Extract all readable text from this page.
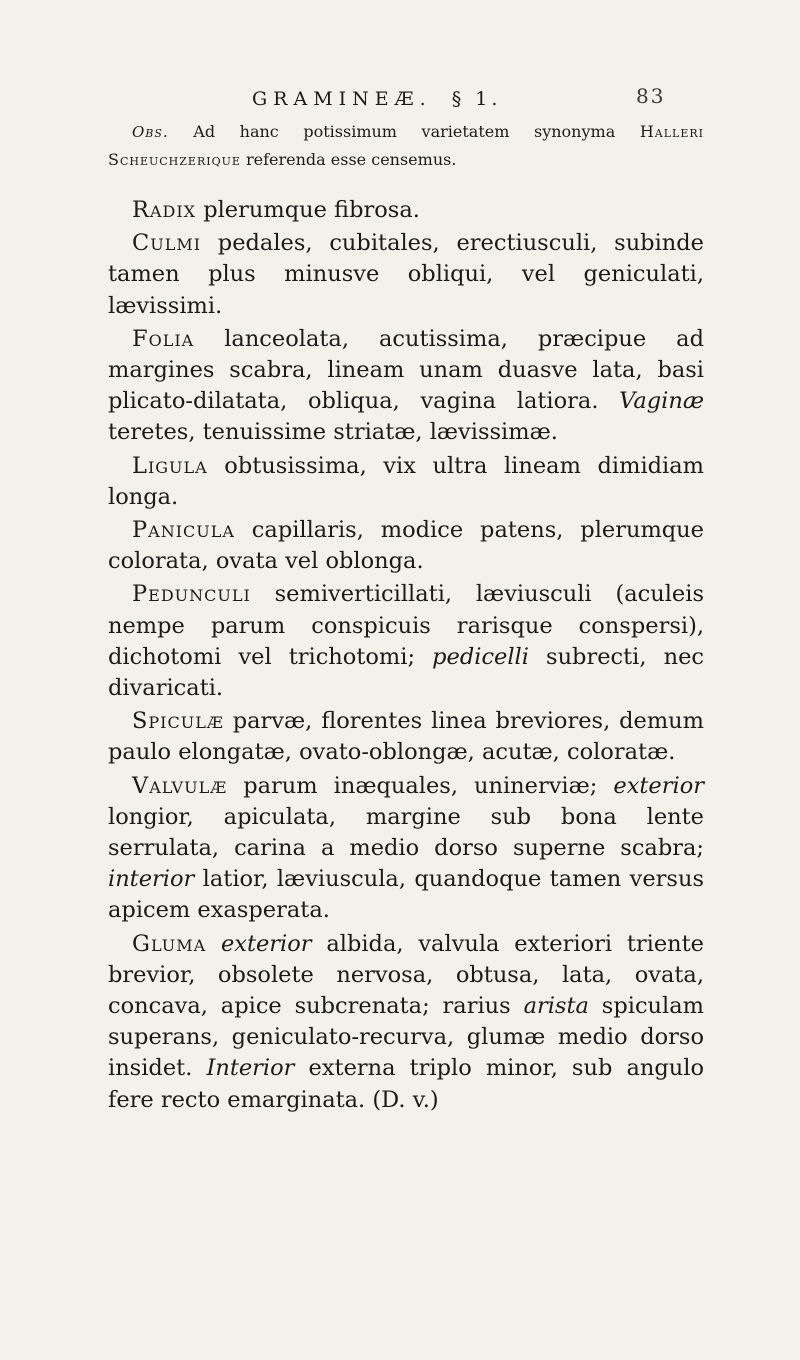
GRAMINEÆ. § 1.	83

Obs. Ad hanc potissimum varietatem synonyma Halleri Scheuchzerique referenda esse censemus.

Radix plerumque fibrosa.

Culmi pedales, cubitales, erectiusculi, subinde tamen plus minusve obliqui, vel geniculati, lævissimi.

Folia lanceolata, acutissima, præcipue ad margines scabra, lineam unam duasve lata, basi plicato-dilatata, obliqua, vagina latiora. Vaginæ teretes, tenuissime striatæ, lævissimæ.

Ligula obtusissima, vix ultra lineam dimidiam longa.

Panicula capillaris, modice patens, plerumque colorata, ovata vel oblonga.

Pedunculi semiverticillati, læviusculi (aculeis nempe parum conspicuis rarisque conspersi), dichotomi vel trichotomi; pedicelli subrecti, nec divaricati.

Spiculæ parvæ, florentes linea breviores, demum paulo elongatæ, ovato-oblongæ, acutæ, coloratæ.

Valvulæ parum inæquales, uninerviæ; exterior longior, apiculata, margine sub bona lente serrulata, carina a medio dorso superne scabra; interior latior, læviuscula, quandoque tamen versus apicem exasperata.

Gluma exterior albida, valvula exteriori triente brevior, obsolete nervosa, obtusa, lata, ovata, concava, apice subcrenata; rarius arista spiculam superans, geniculato-recurva, glumæ medio dorso insidet. Interior externa triplo minor, sub angulo fere recto emarginata. (D. v.)
